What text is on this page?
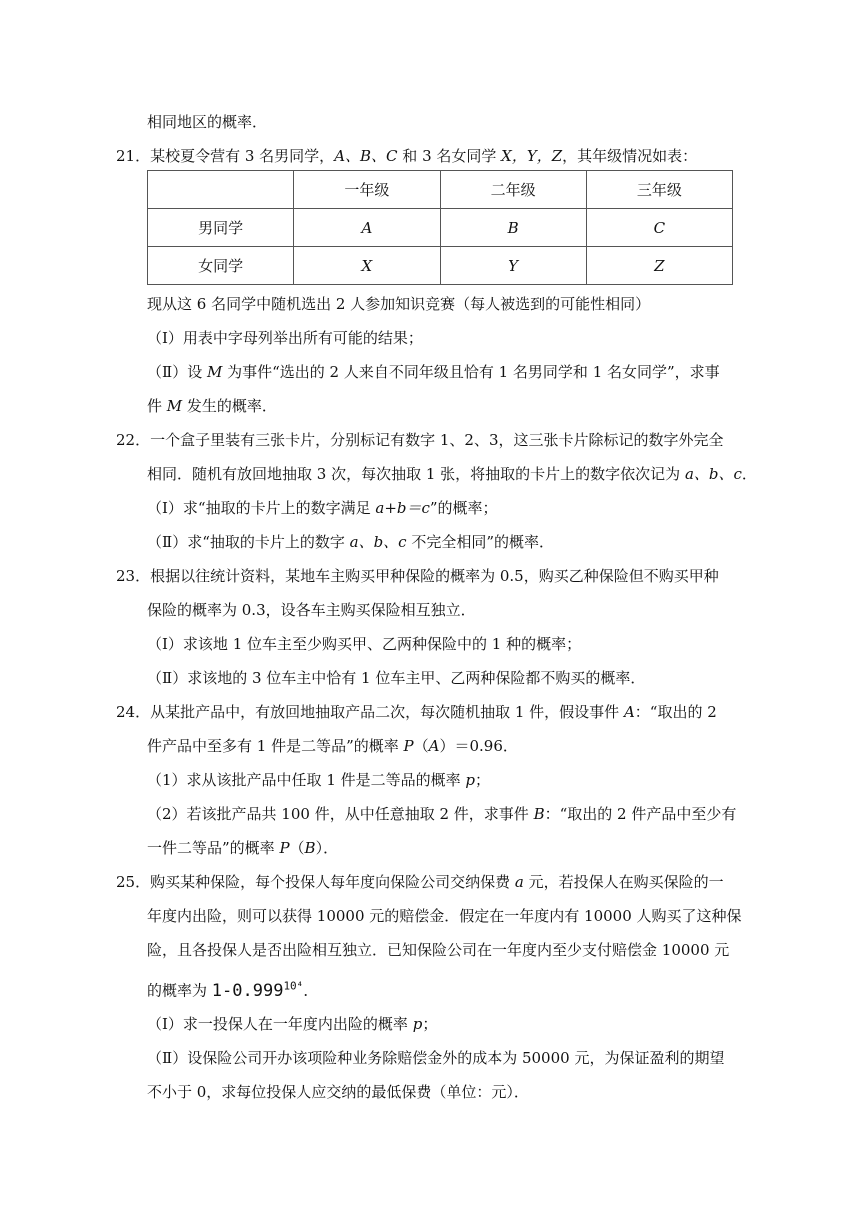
相同地区的概率．
21．某校夏令营有 3 名男同学，A、B、C 和 3 名女同学 X，Y，Z，其年级情况如表：
	一年级	二年级	三年级
男同学	A	B	C
女同学	X	Y	Z
现从这 6 名同学中随机选出 2 人参加知识竞赛（每人被选到的可能性相同）
（Ⅰ）用表中字母列举出所有可能的结果；
（Ⅱ）设 M 为事件“选出的 2 人来自不同年级且恰有 1 名男同学和 1 名女同学”，求事
件 M 发生的概率．
22．一个盒子里装有三张卡片，分别标记有数字 1、2、3，这三张卡片除标记的数字外完全
相同．随机有放回地抽取 3 次，每次抽取 1 张，将抽取的卡片上的数字依次记为 a、b、c．
（Ⅰ）求“抽取的卡片上的数字满足 a+b＝c”的概率；
（Ⅱ）求“抽取的卡片上的数字 a、b、c 不完全相同”的概率．
23．根据以往统计资料，某地车主购买甲种保险的概率为 0.5，购买乙种保险但不购买甲种
保险的概率为 0.3，设各车主购买保险相互独立．
（Ⅰ）求该地 1 位车主至少购买甲、乙两种保险中的 1 种的概率；
（Ⅱ）求该地的 3 位车主中恰有 1 位车主甲、乙两种保险都不购买的概率．
24．从某批产品中，有放回地抽取产品二次，每次随机抽取 1 件，假设事件 A：“取出的 2
件产品中至多有 1 件是二等品”的概率 P（A）＝0.96．
（1）求从该批产品中任取 1 件是二等品的概率 p；
（2）若该批产品共 100 件，从中任意抽取 2 件，求事件 B：“取出的 2 件产品中至少有
一件二等品”的概率 P（B）．
25．购买某种保险，每个投保人每年度向保险公司交纳保费 a 元，若投保人在购买保险的一
年度内出险，则可以获得 10000 元的赔偿金．假定在一年度内有 10000 人购买了这种保
险，且各投保人是否出险相互独立．已知保险公司在一年度内至少支付赔偿金 10000 元
的概率为 $1-0.999^{10^4}$．
（Ⅰ）求一投保人在一年度内出险的概率 p；
（Ⅱ）设保险公司开办该项险种业务除赔偿金外的成本为 50000 元，为保证盈利的期望
不小于 0，求每位投保人应交纳的最低保费（单位：元）．
